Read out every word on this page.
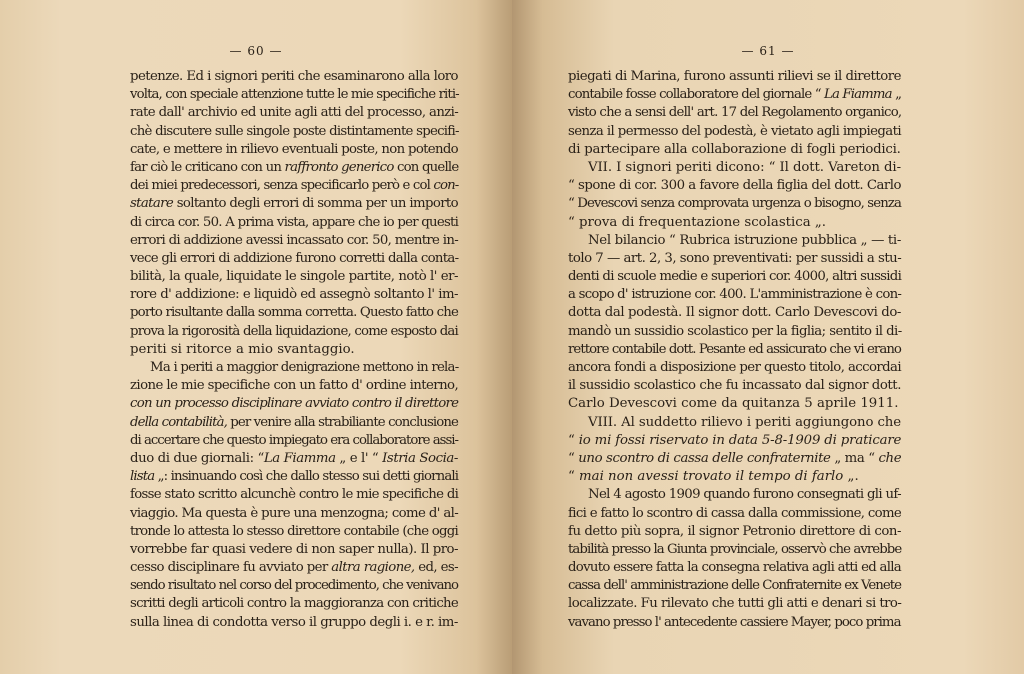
— 60 —
petenze. Ed i signori periti che esaminarono alla loro
volta, con speciale attenzione tutte le mie specifiche riti-
rate dall' archivio ed unite agli atti del processo, anzi-
chè discutere sulle singole poste distintamente specifi-
cate, e mettere in rilievo eventuali poste, non potendo
far ciò le criticano con un raffronto generico con quelle
dei miei predecessori, senza specificarlo però e col con-
statare soltanto degli errori di somma per un importo
di circa cor. 50. A prima vista, appare che io per questi
errori di addizione avessi incassato cor. 50, mentre in-
vece gli errori di addizione furono corretti dalla conta-
bilità, la quale, liquidate le singole partite, notò l' er-
rore d' addizione: e liquidò ed assegnò soltanto l' im-
porto risultante dalla somma corretta. Questo fatto che
prova la rigorosità della liquidazione, come esposto dai
periti si ritorce a mio svantaggio.
Ma i periti a maggior denigrazione mettono in rela-
zione le mie specifiche con un fatto d' ordine interno,
con un processo disciplinare avviato contro il direttore
della contabilità, per venire alla strabiliante conclusione
di accertare che questo impiegato era collaboratore assi-
duo di due giornali: “La Fiamma „ e l' “ Istria Socia-
lista „: insinuando così che dallo stesso sui detti giornali
fosse stato scritto alcunchè contro le mie specifiche di
viaggio. Ma questa è pure una menzogna; come d' al-
tronde lo attesta lo stesso direttore contabile (che oggi
vorrebbe far quasi vedere di non saper nulla). Il pro-
cesso disciplinare fu avviato per altra ragione, ed, es-
sendo risultato nel corso del procedimento, che venivano
scritti degli articoli contro la maggioranza con critiche
sulla linea di condotta verso il gruppo degli i. e r. im-
— 61 —
piegati di Marina, furono assunti rilievi se il direttore
contabile fosse collaboratore del giornale “ La Fiamma „
visto che a sensi dell' art. 17 del Regolamento organico,
senza il permesso del podestà, è vietato agli impiegati
di partecipare alla collaborazione di fogli periodici.
VII. I signori periti dicono: “ Il dott. Vareton di-
“ spone di cor. 300 a favore della figlia del dott. Carlo
“ Devescovi senza comprovata urgenza o bisogno, senza
“ prova di frequentazione scolastica „.
Nel bilancio “ Rubrica istruzione pubblica „ — ti-
tolo 7 — art. 2, 3, sono preventivati: per sussidi a stu-
denti di scuole medie e superiori cor. 4000, altri sussidi
a scopo d' istruzione cor. 400. L'amministrazione è con-
dotta dal podestà. Il signor dott. Carlo Devescovi do-
mandò un sussidio scolastico per la figlia; sentito il di-
rettore contabile dott. Pesante ed assicurato che vi erano
ancora fondi a disposizione per questo titolo, accordai
il sussidio scolastico che fu incassato dal signor dott.
Carlo Devescovi come da quitanza 5 aprile 1911.
VIII. Al suddetto rilievo i periti aggiungono che
“ io mi fossi riservato in data 5-8-1909 di praticare
“ uno scontro di cassa delle confraternite „ ma “ che
“ mai non avessi trovato il tempo di farlo „.
Nel 4 agosto 1909 quando furono consegnati gli uf-
fici e fatto lo scontro di cassa dalla commissione, come
fu detto più sopra, il signor Petronio direttore di con-
tabilità presso la Giunta provinciale, osservò che avrebbe
dovuto essere fatta la consegna relativa agli atti ed alla
cassa dell' amministrazione delle Confraternite ex Venete
localizzate. Fu rilevato che tutti gli atti e denari si tro-
vavano presso l' antecedente cassiere Mayer, poco prima
